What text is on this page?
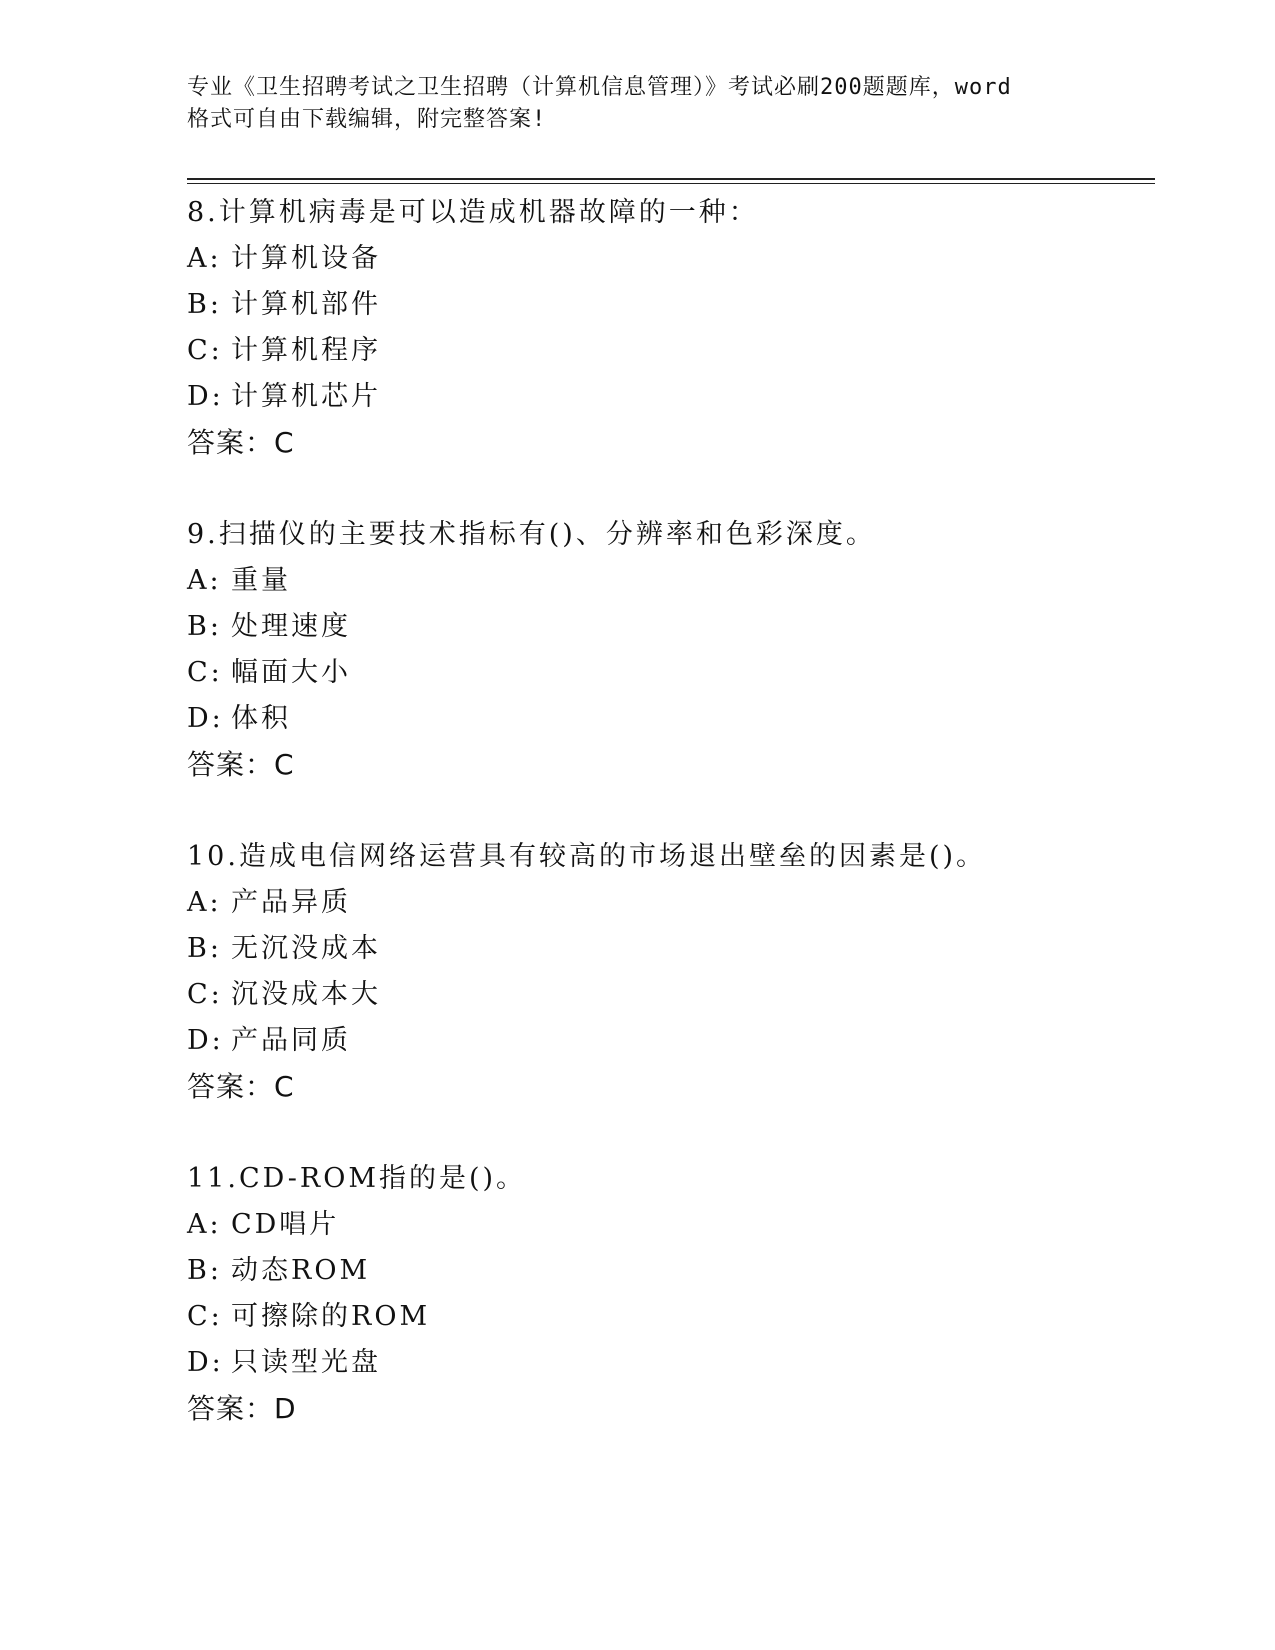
专业《卫生招聘考试之卫生招聘（计算机信息管理）》考试必刷200题题库，word
格式可自由下载编辑，附完整答案!
8.计算机病毒是可以造成机器故障的一种：
A: 计算机设备
B: 计算机部件
C: 计算机程序
D: 计算机芯片
答案：C
9.扫描仪的主要技术指标有()、分辨率和色彩深度。
A: 重量
B: 处理速度
C: 幅面大小
D: 体积
答案：C
10.造成电信网络运营具有较高的市场退出壁垒的因素是()。
A: 产品异质
B: 无沉没成本
C: 沉没成本大
D: 产品同质
答案：C
11.CD-ROM指的是()。
A: CD唱片
B: 动态ROM
C: 可擦除的ROM
D: 只读型光盘
答案：D
